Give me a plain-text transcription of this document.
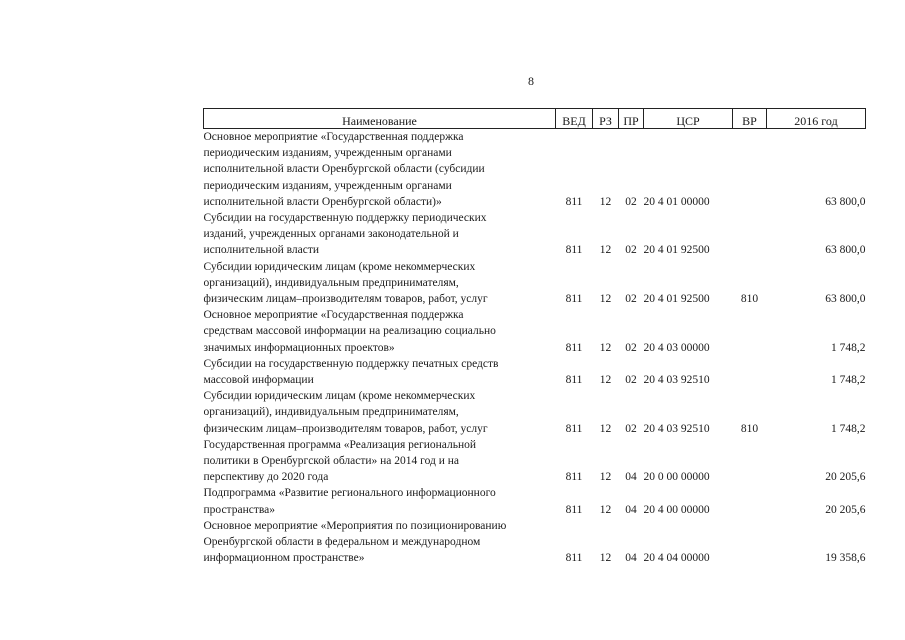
8
Наименование	ВЕД	РЗ	ПР	ЦСР	ВР	2016 год

Основное мероприятие «Государственная поддержка
периодическим изданиям, учрежденным органами
исполнительной власти Оренбургской области (субсидии
периодическим изданиям, учрежденным органами
исполнительной власти Оренбургской области)»	811	12	02	20 4 01 00000		63 800,0

Субсидии на государственную поддержку периодических
изданий, учрежденных органами законодательной и
исполнительной власти	811	12	02	20 4 01 92500		63 800,0

Субсидии юридическим лицам (кроме некоммерческих
организаций), индивидуальным предпринимателям,
физическим лицам–производителям товаров, работ, услуг	811	12	02	20 4 01 92500	810	63 800,0

Основное мероприятие «Государственная поддержка
средствам массовой информации на реализацию социально
значимых информационных проектов»	811	12	02	20 4 03 00000		1 748,2

Субсидии на государственную поддержку печатных средств
массовой информации	811	12	02	20 4 03 92510		1 748,2

Субсидии юридическим лицам (кроме некоммерческих
организаций), индивидуальным предпринимателям,
физическим лицам–производителям товаров, работ, услуг	811	12	02	20 4 03 92510	810	1 748,2

Государственная программа «Реализация региональной
политики в Оренбургской области» на 2014 год и на
перспективу до 2020 года	811	12	04	20 0 00 00000		20 205,6

Подпрограмма «Развитие регионального информационного
пространства»	811	12	04	20 4 00 00000		20 205,6

Основное мероприятие «Мероприятия по позиционированию
Оренбургской области в федеральном и международном
информационном пространстве»	811	12	04	20 4 04 00000		19 358,6
